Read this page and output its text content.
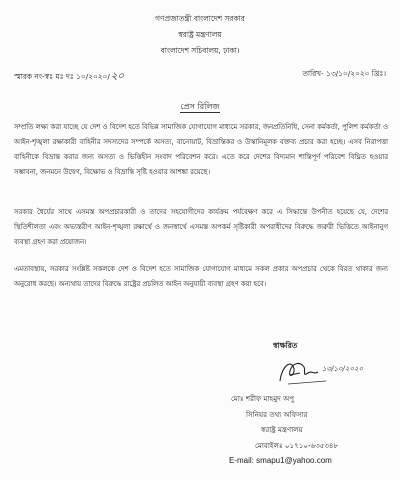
গণপ্রজাতন্ত্রী বাংলাদেশ সরকার
স্বরাষ্ট্র মন্ত্রণালয়
বাংলাদেশ সচিবালয়, ঢাকা।
স্মারক নং-স্বঃ মঃ দঃ ১০/২০২০/২০	তারিখ- ১৩/১০/২০২০ খ্রিঃ।
প্রেস রিলিজ
সম্প্রতি লক্ষ্য করা যাচ্ছে যে দেশ ও বিদেশ হতে বিভিন্ন সামাজিক যোগাযোগ মাধ্যমে সরকার, জনপ্রতিনিধি, সেনা কর্মকর্তা, পুলিশ কর্মকর্তা ও আইন-শৃঙ্খলা রক্ষাকারী বাহিনীর সদস্যদের সম্পর্কে অসত্য, বানোয়াট, বিভ্রান্তিকর ও উস্কানিমূলক বক্তব্য প্রচার করা হচ্ছে। এসব নিরাপত্তা বাহিনীকে বিভ্রান্ত করার জন্য অসত্য ও ভিত্তিহীন সংবাদ পরিবেশন করে। এতে করে দেশের বিদ্যমান শান্তিপূর্ণ পরিবেশ বিঘ্নিত হওয়ার সম্ভাবনা, জনমনে উদ্বেগ, বিক্ষোভ ও বিভ্রান্তি সৃষ্টি হওয়ার আশঙ্কা রয়েছে।
সরকার ধৈর্যের সাথে এসমস্ত অপপ্রচারকারী ও তাদের সহযোগীদের কার্যক্রম পর্যবেক্ষণ করে এ সিদ্ধান্তে উপনীত হয়েছে যে, দেশের স্থিতিশীলতা এবং অভ্যন্তরীণ আইন-শৃঙ্খলা রক্ষার্থে ও জনস্বার্থে এসমস্ত অপকর্ম সৃষ্টিকারী অপরাধীদের বিরুদ্ধে জরুরী ভিত্তিতে আইনানুগ ব্যবস্থা গ্রহণ করা প্রয়োজন।
এমতাবস্থায়, সরকার সংশ্লিষ্ট সকলকে দেশ ও বিদেশ হতে সামাজিক যোগাযোগ মাধ্যমে সকল প্রকার অপপ্রচার থেকে বিরত থাকার জন্য অনুরোধ করছে। অন্যথায় তাদের বিরুদ্ধে রাষ্ট্রের প্রচলিত আইন অনুযায়ী ব্যবস্থা গ্রহণ করা হবে।
স্বাক্ষরিত
১৩/১০/২০২০
মোঃ শরীফ মাহমুদ অপু
সিনিয়র তথ্য অফিসার
স্বরাষ্ট্র মন্ত্রণালয়
মোবাইলঃ ০১৭১০-৬৩৫৩৪৮
E-mail: smapu1@yahoo.com
